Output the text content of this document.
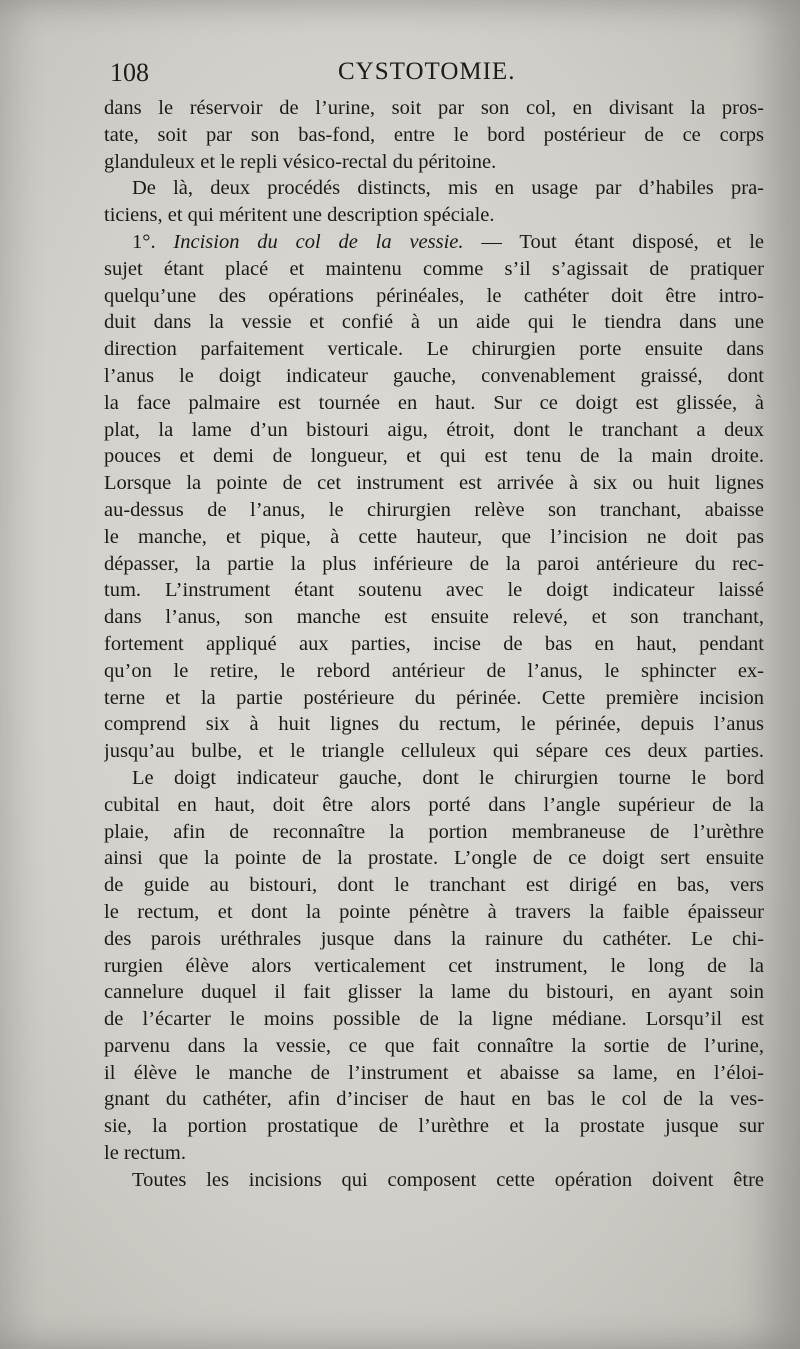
108	CYSTOTOMIE.
dans le réservoir de l’urine, soit par son col, en divisant la pros-
tate, soit par son bas-fond, entre le bord postérieur de ce corps
glanduleux et le repli vésico-rectal du péritoine.
De là, deux procédés distincts, mis en usage par d’habiles pra-
ticiens, et qui méritent une description spéciale.
1°. Incision du col de la vessie. — Tout étant disposé, et le
sujet étant placé et maintenu comme s’il s’agissait de pratiquer
quelqu’une des opérations périnéales, le cathéter doit être intro-
duit dans la vessie et confié à un aide qui le tiendra dans une
direction parfaitement verticale. Le chirurgien porte ensuite dans
l’anus le doigt indicateur gauche, convenablement graissé, dont
la face palmaire est tournée en haut. Sur ce doigt est glissée, à
plat, la lame d’un bistouri aigu, étroit, dont le tranchant a deux
pouces et demi de longueur, et qui est tenu de la main droite.
Lorsque la pointe de cet instrument est arrivée à six ou huit lignes
au-dessus de l’anus, le chirurgien relève son tranchant, abaisse
le manche, et pique, à cette hauteur, que l’incision ne doit pas
dépasser, la partie la plus inférieure de la paroi antérieure du rec-
tum. L’instrument étant soutenu avec le doigt indicateur laissé
dans l’anus, son manche est ensuite relevé, et son tranchant,
fortement appliqué aux parties, incise de bas en haut, pendant
qu’on le retire, le rebord antérieur de l’anus, le sphincter ex-
terne et la partie postérieure du périnée. Cette première incision
comprend six à huit lignes du rectum, le périnée, depuis l’anus
jusqu’au bulbe, et le triangle celluleux qui sépare ces deux parties.
Le doigt indicateur gauche, dont le chirurgien tourne le bord
cubital en haut, doit être alors porté dans l’angle supérieur de la
plaie, afin de reconnaître la portion membraneuse de l’urèthre
ainsi que la pointe de la prostate. L’ongle de ce doigt sert ensuite
de guide au bistouri, dont le tranchant est dirigé en bas, vers
le rectum, et dont la pointe pénètre à travers la faible épaisseur
des parois uréthrales jusque dans la rainure du cathéter. Le chi-
rurgien élève alors verticalement cet instrument, le long de la
cannelure duquel il fait glisser la lame du bistouri, en ayant soin
de l’écarter le moins possible de la ligne médiane. Lorsqu’il est
parvenu dans la vessie, ce que fait connaître la sortie de l’urine,
il élève le manche de l’instrument et abaisse sa lame, en l’éloi-
gnant du cathéter, afin d’inciser de haut en bas le col de la ves-
sie, la portion prostatique de l’urèthre et la prostate jusque sur
le rectum.
Toutes les incisions qui composent cette opération doivent être
